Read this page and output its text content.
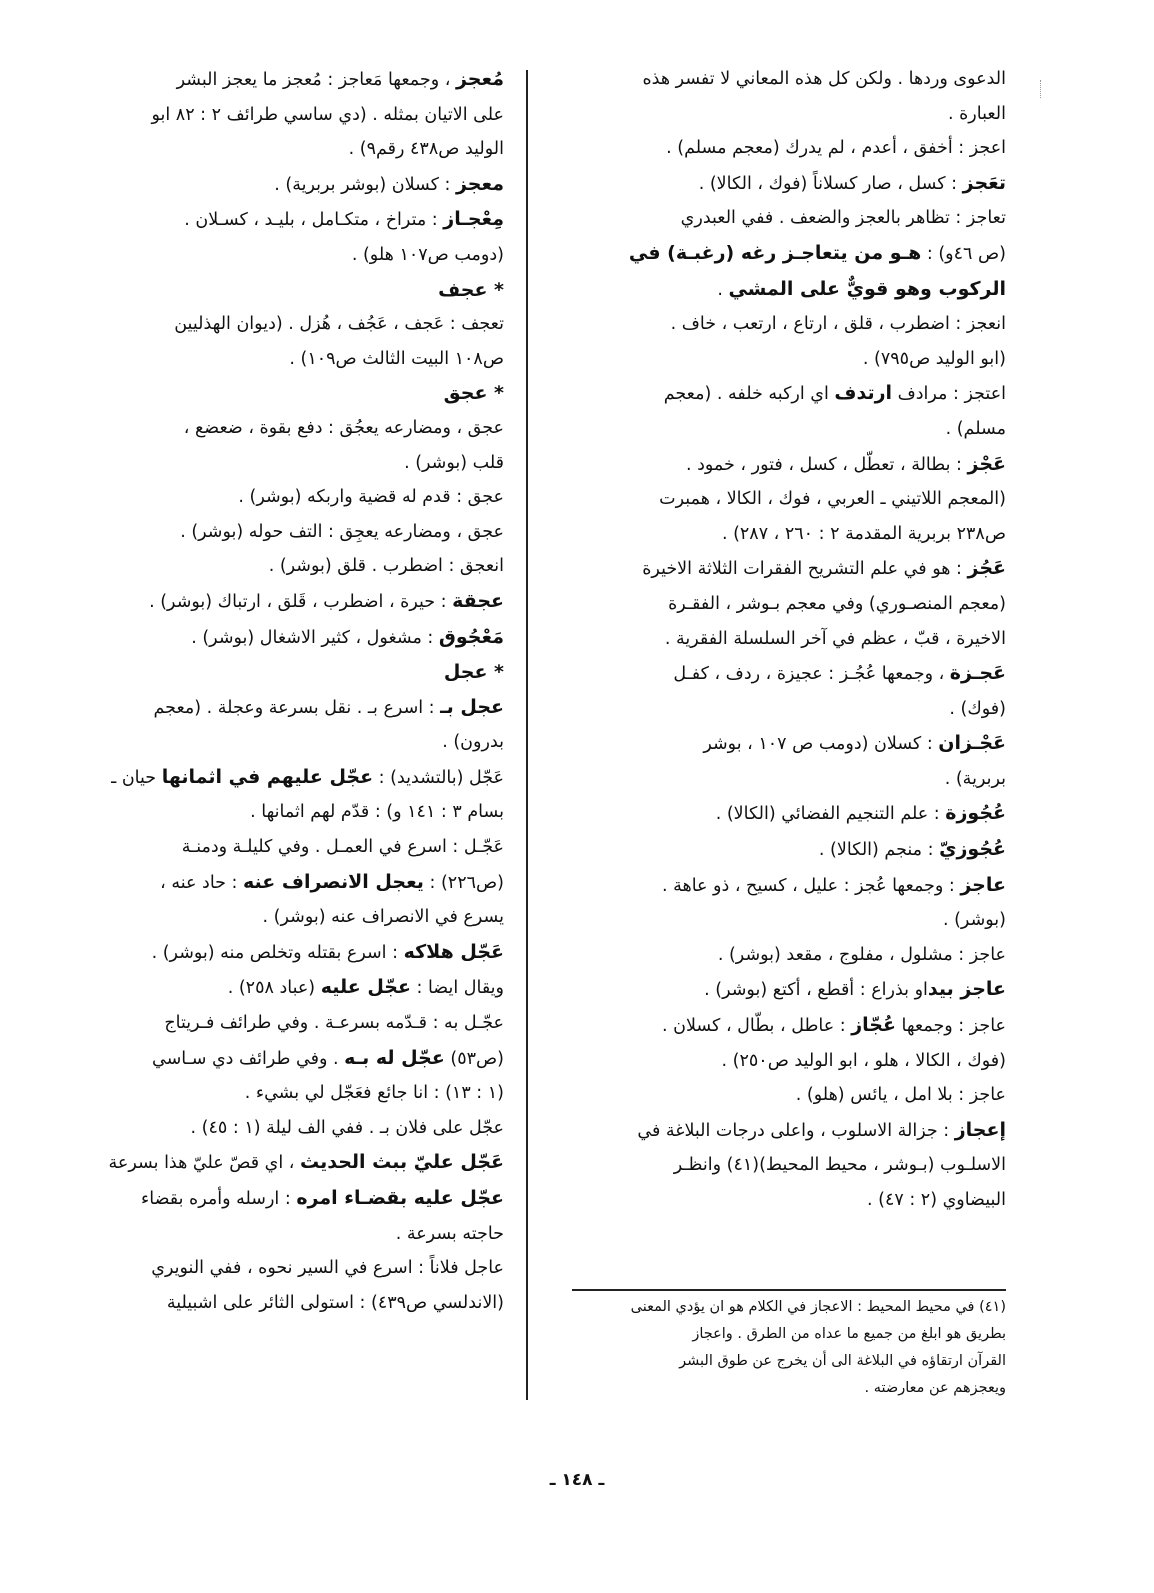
الدعوى وردها . ولكن كل هذه المعاني لا تفسر هذه
العبارة .
اعجز : أخفق ، أعدم ، لم يدرك (معجم مسلم) .
تعَجز : كسل ، صار كسلاناً (فوك ، الكالا) .
تعاجز : تظاهر بالعجز والضعف . ففي العبدري
(ص ٤٦و) : هـو من يتعاجـز رغه (رغبـة) في
الركوب وهو قويٌّ على المشي .
انعجز : اضطرب ، قلق ، ارتاع ، ارتعب ، خاف .
(ابو الوليد ص٧٩٥) .
اعتجز : مرادف ارتدف اي اركبه خلفه . (معجم
مسلم) .
عَجْز : بطالة ، تعطّل ، كسل ، فتور ، خمود .
(المعجم اللاتيني ـ العربي ، فوك ، الكالا ، همبرت
ص٢٣٨ بربرية المقدمة ٢ : ٢٦٠ ، ٢٨٧) .
عَجُز : هو في علم التشريح الفقرات الثلاثة الاخيرة
(معجم المنصـوري) وفي معجم بـوشر ، الفقـرة
الاخيرة ، قبّ ، عظم في آخر السلسلة الفقرية .
عَجـزة ، وجمعها عُجُـز : عجيزة ، ردف ، كفـل
(فوك) .
عَجْـزان : كسلان (دومب ص ١٠٧ ، بوشر
بربرية) .
عُجُوزة : علم التنجيم الفضائي (الكالا) .
عُجُوزيّ : منجم (الكالا) .
عاجز : وجمعها عُجز : عليل ، كسيح ، ذو عاهة .
(بوشر) .
عاجز : مشلول ، مفلوج ، مقعد (بوشر) .
عاجز بيداو بذراع : أقطع ، أكتع (بوشر) .
عاجز : وجمعها عُجّاز : عاطل ، بطّال ، كسلان .
(فوك ، الكالا ، هلو ، ابو الوليد ص٢٥٠) .
عاجز : بلا امل ، يائس (هلو) .
إعجاز : جزالة الاسلوب ، واعلى درجات البلاغة في
الاسلـوب (بـوشر ، محيط المحيط)(٤١) وانظـر
البيضاوي (٢ : ٤٧) .
مُعجز ، وجمعها مَعاجز : مُعجز ما يعجز البشر
على الاتيان بمثله . (دي ساسي طرائف ٢ : ٨٢ ابو
الوليد ص٤٣٨ رقم٩) .
معجز : كسلان (بوشر بربرية) .
مِعْجـاز : متراخ ، متكـامل ، بليـد ، كسـلان .
(دومب ص١٠٧ هلو) .
* عجف
تعجف : عَجف ، عَجُف ، هُزل . (ديوان الهذليين
ص١٠٨ البيت الثالث ص١٠٩) .
* عجق
عجق ، ومضارعه يعجُق : دفع بقوة ، ضعضع ،
قلب (بوشر) .
عجق : قدم له قضية واربكه (بوشر) .
عجق ، ومضارعه يعجِق : التف حوله (بوشر) .
انعجق : اضطرب . قلق (بوشر) .
عجقة : حيرة ، اضطرب ، قَلق ، ارتباك (بوشر) .
مَعْجُوق : مشغول ، كثير الاشغال (بوشر) .
* عجل
عجل بـ : اسرع بـ . نقل بسرعة وعجلة . (معجم
بدرون) .
عَجّل (بالتشديد) : عجّل عليهم في اثمانها حيان ـ
بسام ٣ : ١٤١ و) : قدّم لهم اثمانها .
عَجّـل : اسرع في العمـل . وفي كليلـة ودمنـة
(ص٢٢٦) : يعجل الانصراف عنه : حاد عنه ،
يسرع في الانصراف عنه (بوشر) .
عَجّل هلاكه : اسرع بقتله وتخلص منه (بوشر) .
ويقال ايضا : عجّل عليه (عباد ٢٥٨) .
عجّـل به : قـدّمه بسرعـة . وفي طرائف فـريتاج
(ص٥٣) عجّل له بـه . وفي طرائف دي سـاسي
(١ : ١٣) : انا جائع فعَجّل لي بشيء .
عجّل على فلان بـ . ففي الف ليلة (١ : ٤٥) .
عَجّل عليّ ببث الحديث ، اي قصّ عليّ هذا بسرعة
عجّل عليه بقضـاء امره : ارسله وأمره بقضاء
حاجته بسرعة .
عاجل فلاناً : اسرع في السير نحوه ، ففي النويري
(الاندلسي ص٤٣٩) : استولى الثائر على اشبيلية	(٤١) في محيط المحيط : الاعجاز في الكلام هو ان يؤدي المعنى
بطريق هو ابلغ من جميع ما عداه من الطرق . واعجاز
القرآن ارتقاؤه في البلاغة الى أن يخرج عن طوق البشر
ويعجزهم عن معارضته .
ـ ١٤٨ ـ
